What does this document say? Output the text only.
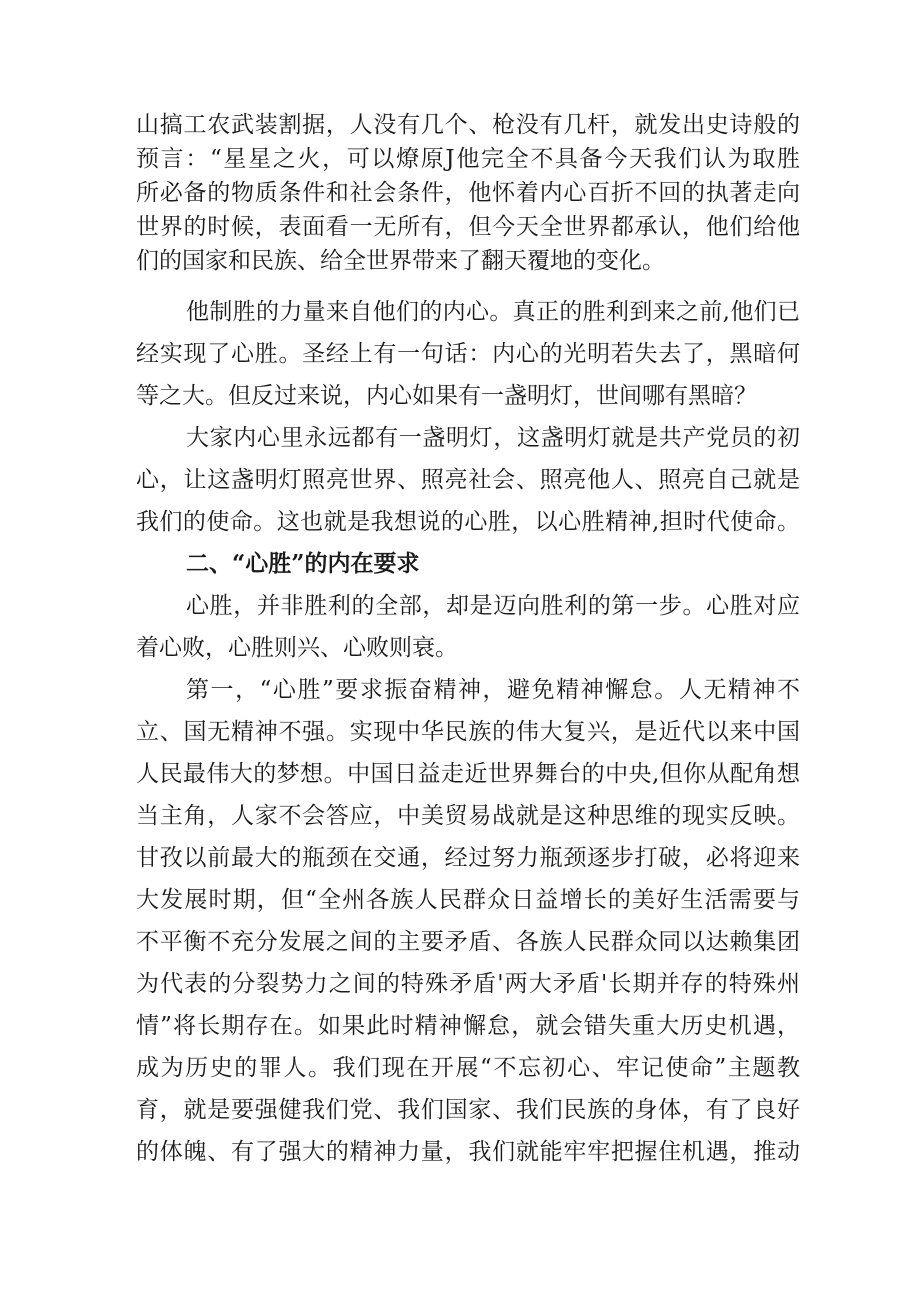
山搞工农武装割据，人没有几个、枪没有几杆，就发出史诗般的
预言：“星星之火，可以燎原J他完全不具备今天我们认为取胜
所必备的物质条件和社会条件，他怀着内心百折不回的执著走向
世界的时候，表面看一无所有，但今天全世界都承认，他们给他
们的国家和民族、给全世界带来了翻天覆地的变化。
他制胜的力量来自他们的内心。真正的胜利到来之前,他们已
经实现了心胜。圣经上有一句话：内心的光明若失去了，黑暗何
等之大。但反过来说，内心如果有一盏明灯，世间哪有黑暗？
大家内心里永远都有一盏明灯，这盏明灯就是共产党员的初
心，让这盏明灯照亮世界、照亮社会、照亮他人、照亮自己就是
我们的使命。这也就是我想说的心胜，以心胜精神,担时代使命。
二、“心胜”的内在要求
心胜，并非胜利的全部，却是迈向胜利的第一步。心胜对应
着心败，心胜则兴、心败则衰。
第一，“心胜”要求振奋精神，避免精神懈怠。人无精神不
立、国无精神不强。实现中华民族的伟大复兴，是近代以来中国
人民最伟大的梦想。中国日益走近世界舞台的中央,但你从配角想
当主角，人家不会答应，中美贸易战就是这种思维的现实反映。
甘孜以前最大的瓶颈在交通，经过努力瓶颈逐步打破，必将迎来
大发展时期，但“全州各族人民群众日益增长的美好生活需要与
不平衡不充分发展之间的主要矛盾、各族人民群众同以达赖集团
为代表的分裂势力之间的特殊矛盾'两大矛盾'长期并存的特殊州
情”将长期存在。如果此时精神懈怠，就会错失重大历史机遇，
成为历史的罪人。我们现在开展“不忘初心、牢记使命”主题教
育，就是要强健我们党、我们国家、我们民族的身体，有了良好
的体魄、有了强大的精神力量，我们就能牢牢把握住机遇，推动
